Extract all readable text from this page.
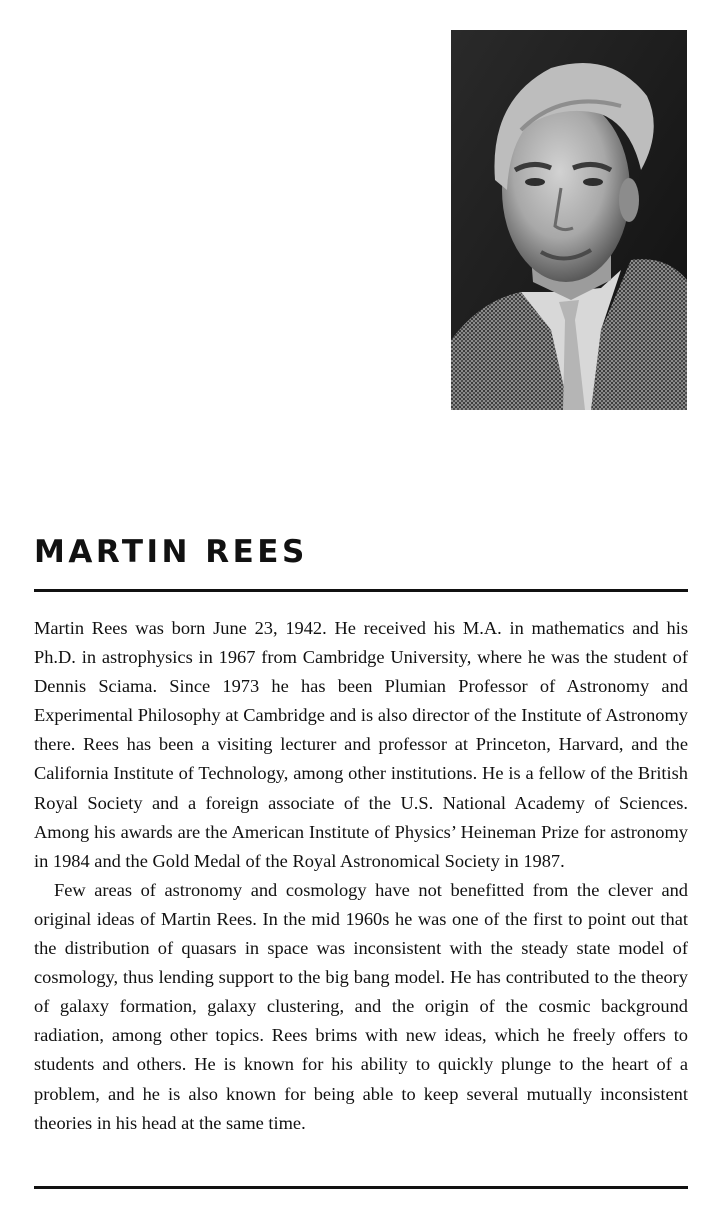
MARTIN REES

Martin Rees was born June 23, 1942. He received his M.A. in mathematics and his Ph.D. in astrophysics in 1967 from Cambridge University, where he was the student of Dennis Sciama. Since 1973 he has been Plumian Professor of Astronomy and Experimental Philosophy at Cambridge and is also director of the Institute of Astronomy there. Rees has been a visiting lecturer and professor at Princeton, Harvard, and the California Institute of Technology, among other institutions. He is a fellow of the British Royal Society and a foreign associate of the U.S. National Academy of Sciences. Among his awards are the American Institute of Physics’ Heineman Prize for astronomy in 1984 and the Gold Medal of the Royal Astronomical Society in 1987.

Few areas of astronomy and cosmology have not benefitted from the clever and original ideas of Martin Rees. In the mid 1960s he was one of the first to point out that the distribution of quasars in space was inconsistent with the steady state model of cosmology, thus lending support to the big bang model. He has contributed to the theory of galaxy formation, galaxy clustering, and the origin of the cosmic background radiation, among other topics. Rees brims with new ideas, which he freely offers to students and others. He is known for his ability to quickly plunge to the heart of a problem, and he is also known for being able to keep several mutually inconsistent theories in his head at the same time.
